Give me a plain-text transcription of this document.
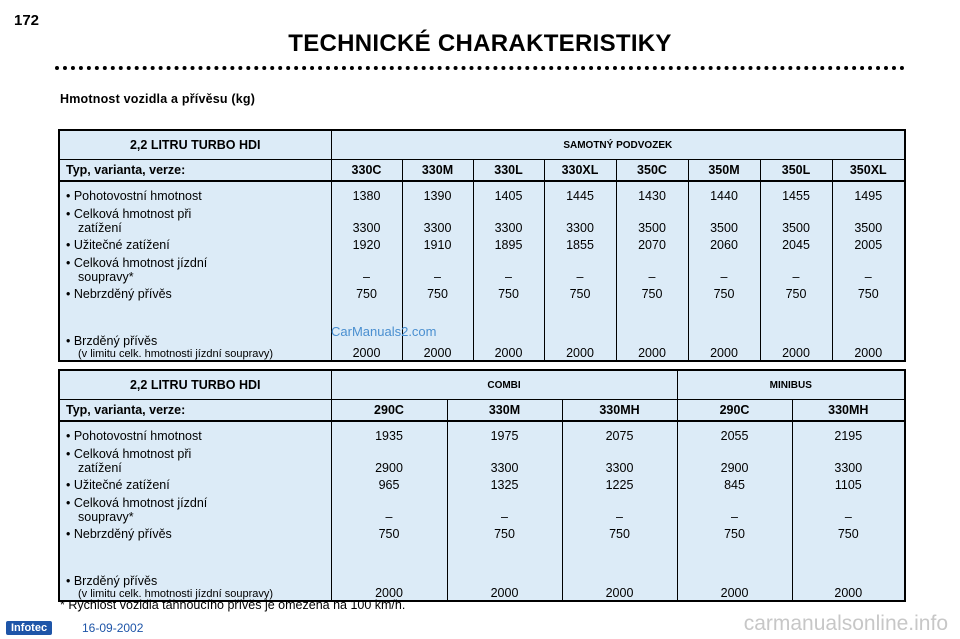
172
TECHNICKÉ CHARAKTERISTIKY
Hmotnost vozidla a přívěsu (kg)
2,2 LITRU TURBO HDI	SAMOTNÝ PODVOZEK							
Typ, varianta, verze:	330C	330M	330L	330XL	350C	350M	350L	350XL
• Pohotovostní hmotnost	1380	1390	1405	1445	1430	1440	1455	1495
• Celková hmotnost při
zatížení	3300	3300	3300	3300	3500	3500	3500	3500
• Užitečné zatížení	1920	1910	1895	1855	2070	2060	2045	2005
• Celková hmotnost jízdní
soupravy*	–	–	–	–	–	–	–	–
• Nebrzděný přívěs	750	750	750	750	750	750	750	750
• Brzděný přívěs
(v limitu celk. hmotnosti jízdní soupravy)	2000	2000	2000	2000	2000	2000	2000	2000
CarManuals2.com
2,2 LITRU TURBO HDI	COMBI			MINIBUS	
Typ, varianta, verze:	290C	330M	330MH	290C	330MH
• Pohotovostní hmotnost	1935	1975	2075	2055	2195
• Celková hmotnost při
zatížení	2900	3300	3300	2900	3300
• Užitečné zatížení	965	1325	1225	845	1105
• Celková hmotnost jízdní
soupravy*	–	–	–	–	–
• Nebrzděný přívěs	750	750	750	750	750
• Brzděný přívěs
(v limitu celk. hmotnosti jízdní soupravy)	2000	2000	2000	2000	2000
* Rychlost vozidla táhnoucího přívěs je omezena na 100 km/h.
Infotec	16-09-2002	carmanualsonline.info
